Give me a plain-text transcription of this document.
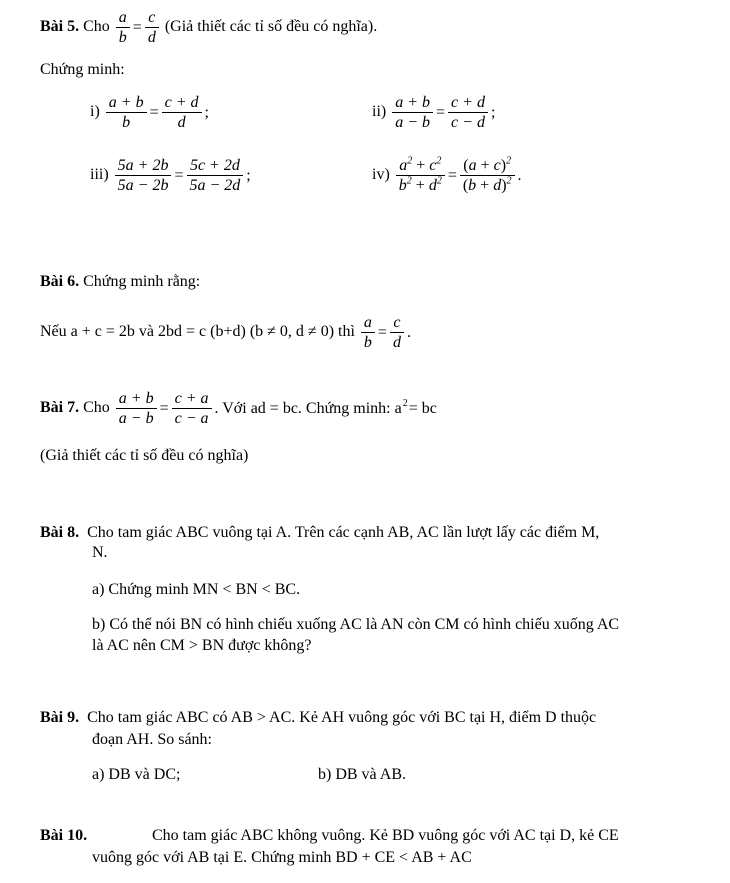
Bài 5. Cho $\frac{a}{b} = \frac{c}{d}$ (Giả thiết các tỉ số đều có nghĩa).
Chứng minh:
$i) \frac{a + b}{b} = \frac{c + d}{d}$ ;	$ii) \frac{a + b}{a - b} = \frac{c + d}{c - d}$ ;
$iii) \frac{5a + 2b}{5a - 2b} = \frac{5c + 2d}{5a - 2d}$ ;	$iv) \frac{a^2 + c^2}{b^2 + d^2} = \frac{(a + c)^2}{(b + d)^2}$ .
Bài 6. Chứng minh rằng:
Nếu a + c = 2b và 2bd = c (b+d) (b ≠ 0, d ≠ 0) thì $\frac{a}{b} = \frac{c}{d}$ .
Bài 7. Cho $\frac{a + b}{a - b} = \frac{c + a}{c - a}$ . Với ad = bc. Chứng minh: $a^2=$ bc
(Giả thiết các tỉ số đều có nghĩa)
Bài 8. Cho tam giác ABC vuông tại A. Trên các cạnh AB, AC lần lượt lấy các điểm M,
N.
a) Chứng minh MN < BN < BC.
b) Có thể nói BN có hình chiếu xuống AC là AN còn CM có hình chiếu xuống AC
là AC nên CM > BN được không?
Bài 9. Cho tam giác ABC có AB > AC. Kẻ AH vuông góc với BC tại H, điểm D thuộc
đoạn AH. So sánh:
a) DB và DC;	b) DB và AB.
Bài 10.	Cho tam giác ABC không vuông. Kẻ BD vuông góc với AC tại D, kẻ CE
vuông góc với AB tại E. Chứng minh BD + CE < AB + AC
